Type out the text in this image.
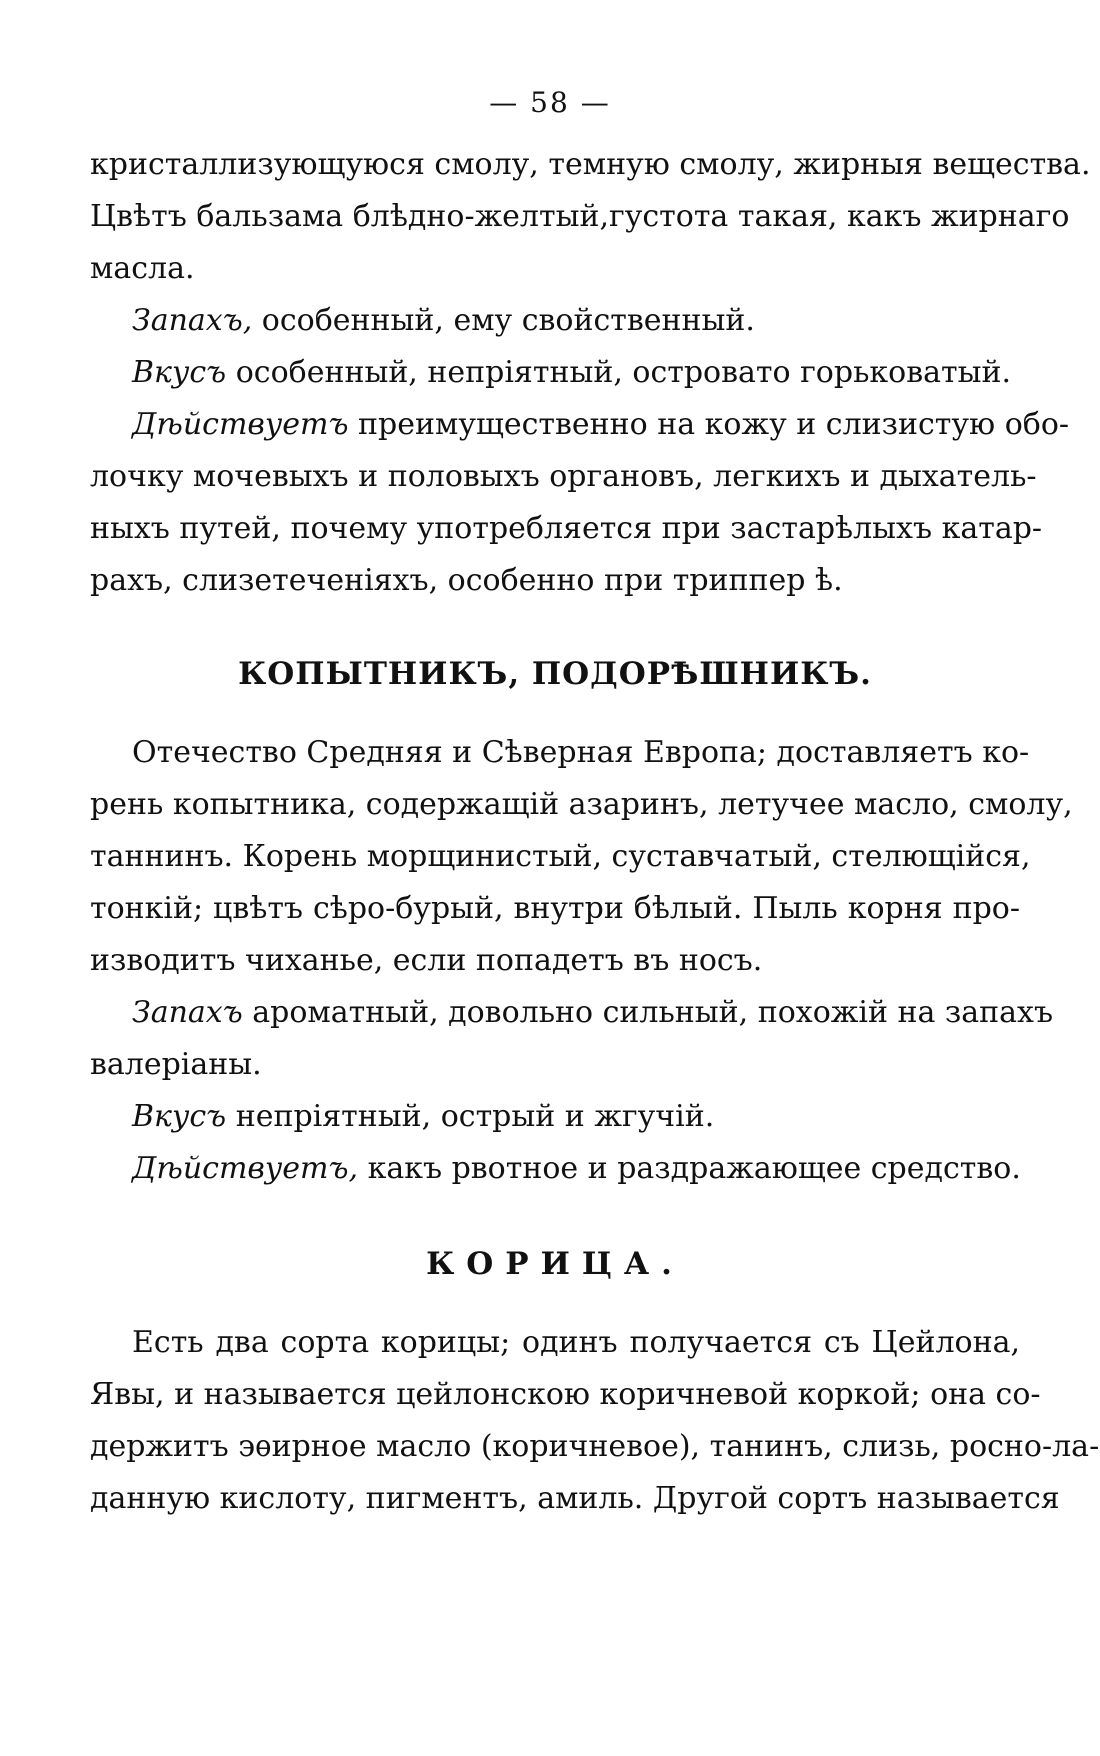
— 58 —
кристаллизующуюся смолу, темную смолу, жирныя вещества.
Цвѣтъ бальзама блѣдно-желтый,густота такая, какъ жирнаго
масла.
Запахъ, особенный, ему свойственный.
Вкусъ особенный, непріятный, островато горьковатый.
Дѣйствуетъ преимущественно на кожу и слизистую обо-
лочку мочевыхъ и половыхъ органовъ, легкихъ и дыхатель-
ныхъ путей, почему употребляется при застарѣлыхъ катар-
рахъ, слизетеченіяхъ, особенно при триппер ѣ.
КОПЫТНИКЪ, ПОДОРѢШНИКЪ.
Отечество Средняя и Сѣверная Европа; доставляетъ ко-
рень копытника, содержащій азаринъ, летучее масло, смолу,
таннинъ. Корень морщинистый, суставчатый, стелющійся,
тонкій; цвѣтъ сѣро-бурый, внутри бѣлый. Пыль корня про-
изводитъ чиханье, если попадетъ въ носъ.
Запахъ ароматный, довольно сильный, похожій на запахъ
валеріаны.
Вкусъ непріятный, острый и жгучій.
Дѣйствуетъ, какъ рвотное и раздражающее средство.
КОРИЦА.
Есть два сорта корицы; одинъ получается съ Цейлона,
Явы, и называется цейлонскою коричневой коркой; она со-
держитъ эѳирное масло (коричневое), танинъ, слизь, росно-ла-
данную кислоту, пигментъ, амиль. Другой сортъ называется
